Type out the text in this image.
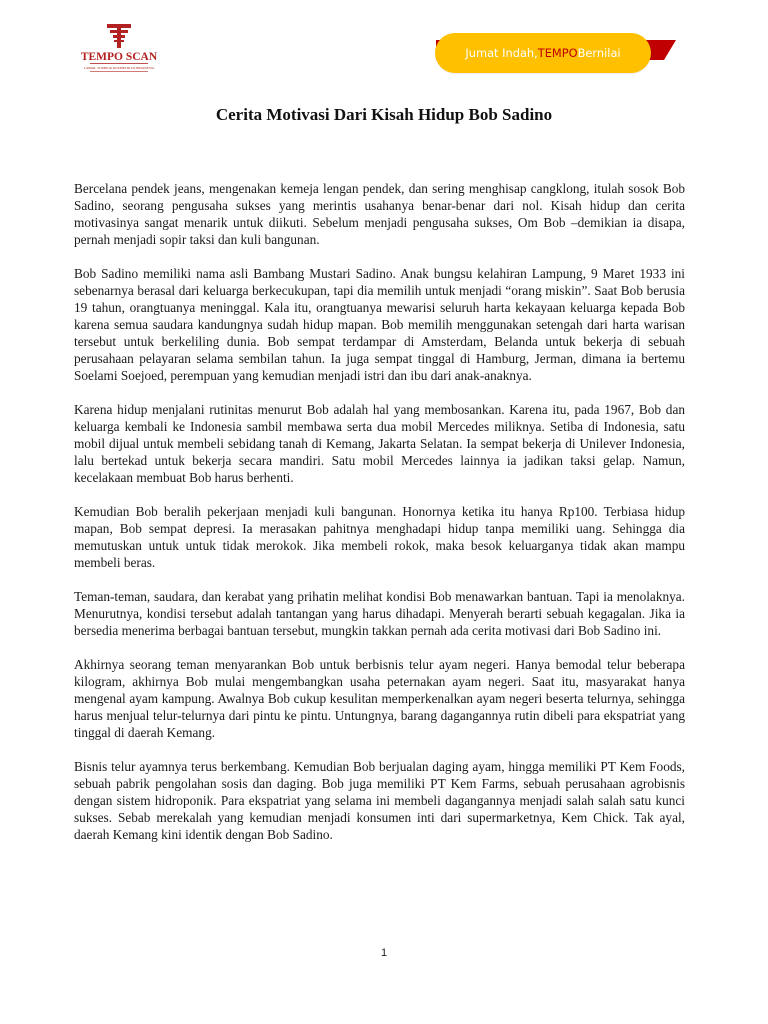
TEMPO SCAN
LABOR. TURBO & KOSMETIK DI INDONESIA
Jumat Indah, TEMPO Bernilai
Cerita Motivasi Dari Kisah Hidup Bob Sadino

Bercelana pendek jeans, mengenakan kemeja lengan pendek, dan sering menghisap cangklong, itulah sosok Bob Sadino, seorang pengusaha sukses yang merintis usahanya benar-benar dari nol. Kisah hidup dan cerita motivasinya sangat menarik untuk diikuti. Sebelum menjadi pengusaha sukses, Om Bob –demikian ia disapa, pernah menjadi sopir taksi dan kuli bangunan.

Bob Sadino memiliki nama asli Bambang Mustari Sadino. Anak bungsu kelahiran Lampung, 9 Maret 1933 ini sebenarnya berasal dari keluarga berkecukupan, tapi dia memilih untuk menjadi “orang miskin”. Saat Bob berusia 19 tahun, orangtuanya meninggal. Kala itu, orangtuanya mewarisi seluruh harta kekayaan keluarga kepada Bob karena semua saudara kandungnya sudah hidup mapan. Bob memilih menggunakan setengah dari harta warisan tersebut untuk berkeliling dunia. Bob sempat terdampar di Amsterdam, Belanda untuk bekerja di sebuah perusahaan pelayaran selama sembilan tahun. Ia juga sempat tinggal di Hamburg, Jerman, dimana ia bertemu Soelami Soejoed, perempuan yang kemudian menjadi istri dan ibu dari anak-anaknya.

Karena hidup menjalani rutinitas menurut Bob adalah hal yang membosankan. Karena itu, pada 1967, Bob dan keluarga kembali ke Indonesia sambil membawa serta dua mobil Mercedes miliknya. Setiba di Indonesia, satu mobil dijual untuk membeli sebidang tanah di Kemang, Jakarta Selatan. Ia sempat bekerja di Unilever Indonesia, lalu bertekad untuk bekerja secara mandiri. Satu mobil Mercedes lainnya ia jadikan taksi gelap. Namun, kecelakaan membuat Bob harus berhenti.

Kemudian Bob beralih pekerjaan menjadi kuli bangunan. Honornya ketika itu hanya Rp100. Terbiasa hidup mapan, Bob sempat depresi. Ia merasakan pahitnya menghadapi hidup tanpa memiliki uang. Sehingga dia memutuskan untuk untuk tidak merokok. Jika membeli rokok, maka besok keluarganya tidak akan mampu membeli beras.

Teman-teman, saudara, dan kerabat yang prihatin melihat kondisi Bob menawarkan bantuan. Tapi ia menolaknya. Menurutnya, kondisi tersebut adalah tantangan yang harus dihadapi. Menyerah berarti sebuah kegagalan. Jika ia bersedia menerima berbagai bantuan tersebut, mungkin takkan pernah ada cerita motivasi dari Bob Sadino ini.

Akhirnya seorang teman menyarankan Bob untuk berbisnis telur ayam negeri. Hanya bemodal telur beberapa kilogram, akhirnya Bob mulai mengembangkan usaha peternakan ayam negeri. Saat itu, masyarakat hanya mengenal ayam kampung. Awalnya Bob cukup kesulitan memperkenalkan ayam negeri beserta telurnya, sehingga harus menjual telur-telurnya dari pintu ke pintu. Untungnya, barang dagangannya rutin dibeli para ekspatriat yang tinggal di daerah Kemang.

Bisnis telur ayamnya terus berkembang. Kemudian Bob berjualan daging ayam, hingga memiliki PT Kem Foods, sebuah pabrik pengolahan sosis dan daging. Bob juga memiliki PT Kem Farms, sebuah perusahaan agrobisnis dengan sistem hidroponik. Para ekspatriat yang selama ini membeli dagangannya menjadi salah salah satu kunci sukses. Sebab merekalah yang kemudian menjadi konsumen inti dari supermarketnya, Kem Chick. Tak ayal, daerah Kemang kini identik dengan Bob Sadino.

1
